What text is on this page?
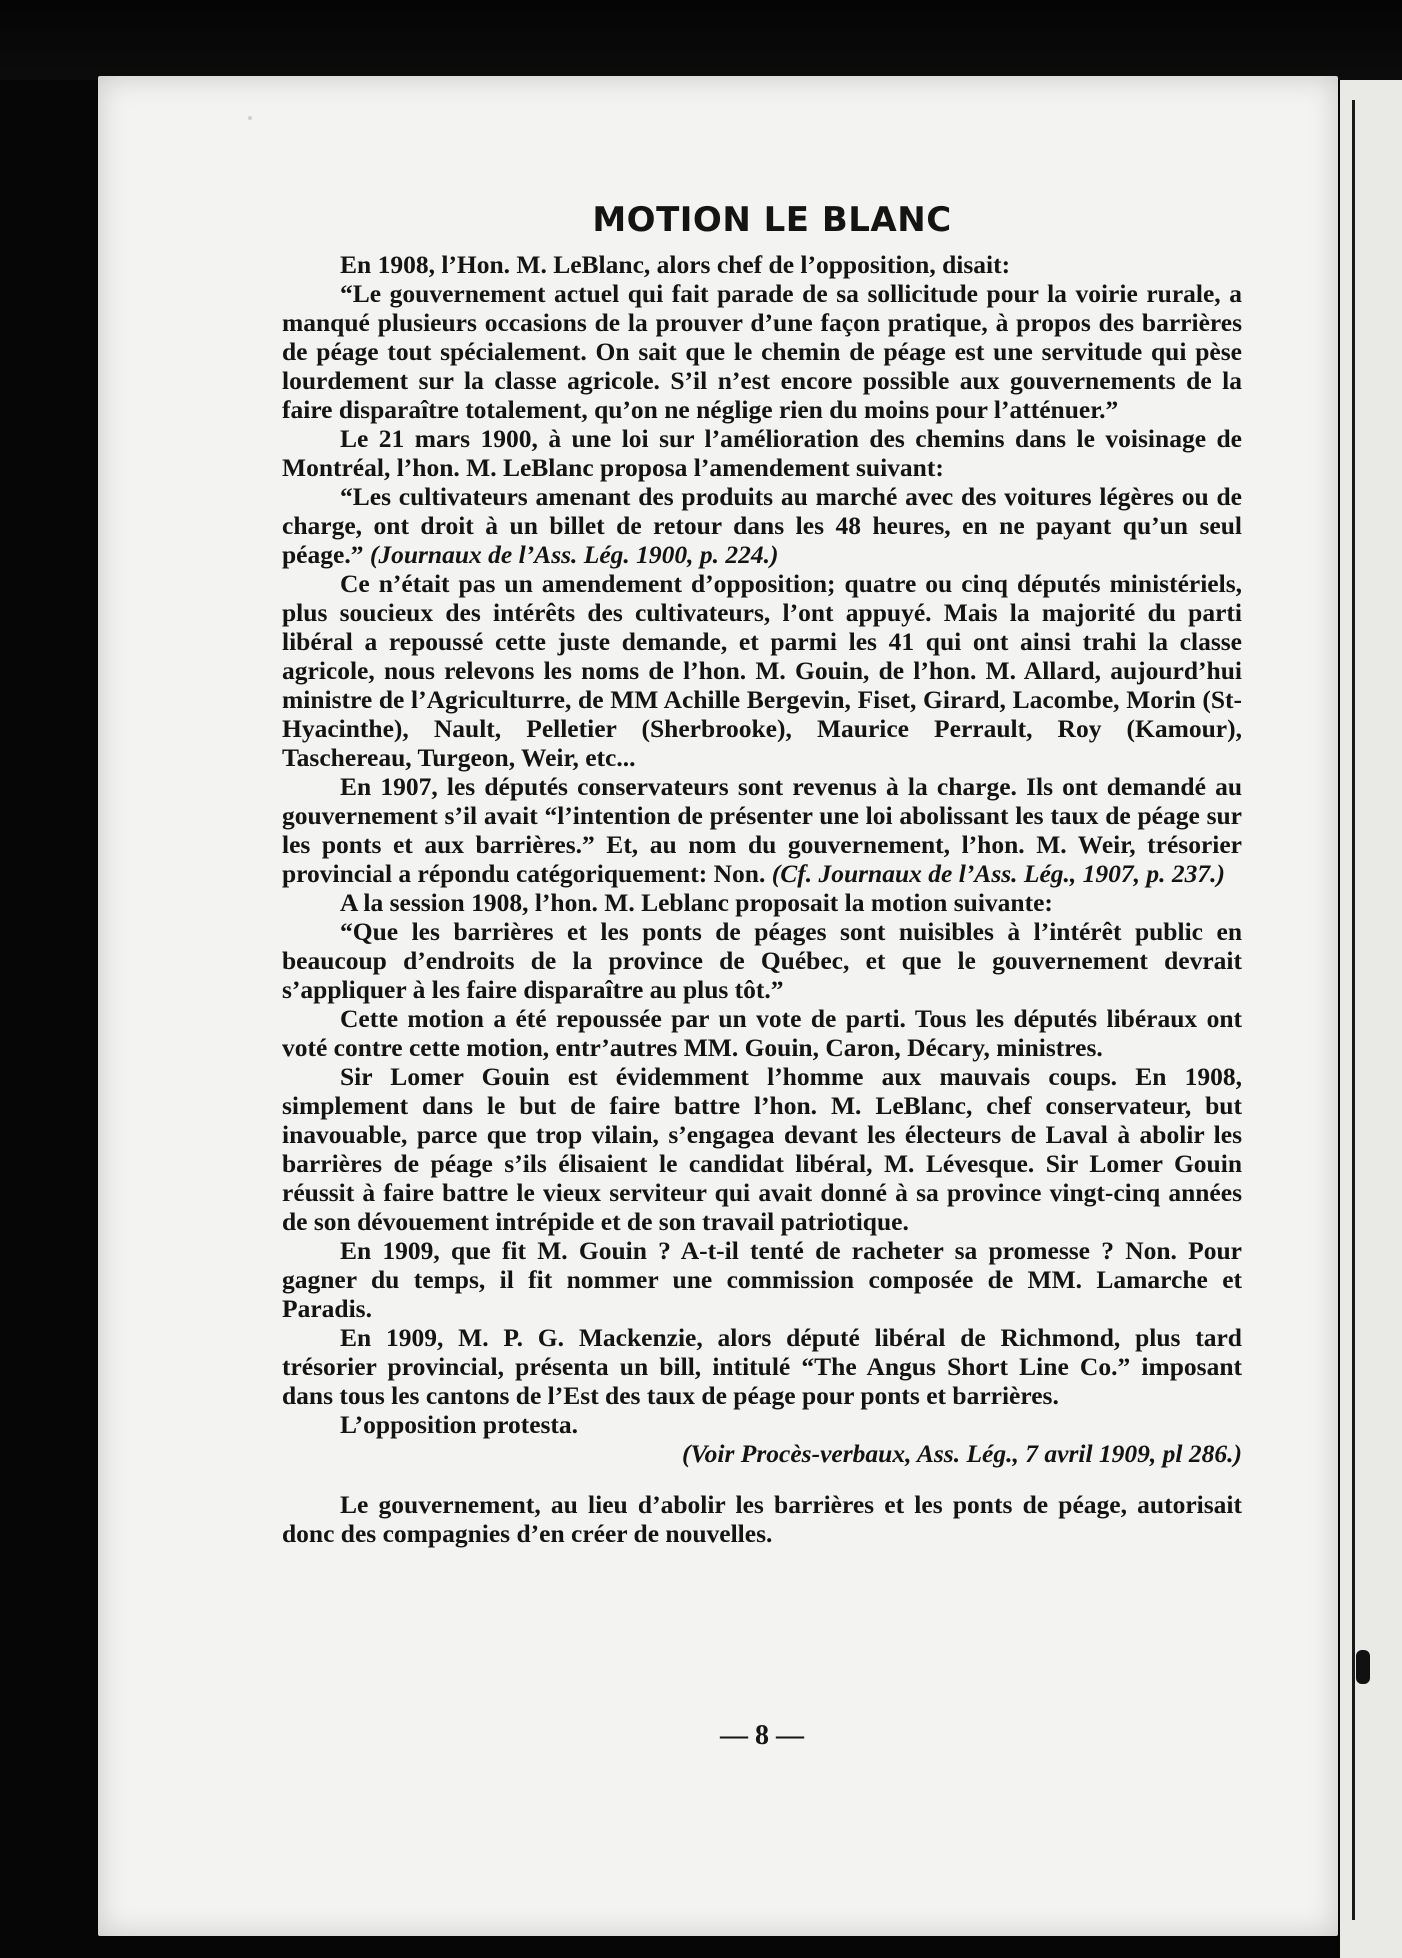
MOTION LE BLANC

En 1908, l’Hon. M. LeBlanc, alors chef de l’opposition, disait:

“Le gouvernement actuel qui fait parade de sa sollicitude pour la voirie rurale, a manqué plusieurs occasions de la prouver d’une façon pratique, à propos des barrières de péage tout spécialement. On sait que le chemin de péage est une servitude qui pèse lourdement sur la classe agricole. S’il n’est encore possible aux gouvernements de la faire disparaître totalement, qu’on ne néglige rien du moins pour l’atténuer.”

Le 21 mars 1900, à une loi sur l’amélioration des chemins dans le voisinage de Montréal, l’hon. M. LeBlanc proposa l’amendement suivant:

“Les cultivateurs amenant des produits au marché avec des voitures légères ou de charge, ont droit à un billet de retour dans les 48 heures, en ne payant qu’un seul péage.” (Journaux de l’Ass. Lég. 1900, p. 224.)

Ce n’était pas un amendement d’opposition; quatre ou cinq députés ministériels, plus soucieux des intérêts des cultivateurs, l’ont appuyé. Mais la majorité du parti libéral a repoussé cette juste demande, et parmi les 41 qui ont ainsi trahi la classe agricole, nous relevons les noms de l’hon. M. Gouin, de l’hon. M. Allard, aujourd’hui ministre de l’Agriculturre, de MM Achille Bergevin, Fiset, Girard, Lacombe, Morin (St-Hyacinthe), Nault, Pelletier (Sherbrooke), Maurice Perrault, Roy (Kamour), Taschereau, Turgeon, Weir, etc...

En 1907, les députés conservateurs sont revenus à la charge. Ils ont demandé au gouvernement s’il avait “l’intention de présenter une loi abolissant les taux de péage sur les ponts et aux barrières.” Et, au nom du gouvernement, l’hon. M. Weir, trésorier provincial a répondu catégoriquement: Non. (Cf. Journaux de l’Ass. Lég., 1907, p. 237.)

A la session 1908, l’hon. M. Leblanc proposait la motion suivante:

“Que les barrières et les ponts de péages sont nuisibles à l’intérêt public en beaucoup d’endroits de la province de Québec, et que le gouvernement devrait s’appliquer à les faire disparaître au plus tôt.”

Cette motion a été repoussée par un vote de parti. Tous les députés libéraux ont voté contre cette motion, entr’autres MM. Gouin, Caron, Décary, ministres.

Sir Lomer Gouin est évidemment l’homme aux mauvais coups. En 1908, simplement dans le but de faire battre l’hon. M. LeBlanc, chef conservateur, but inavouable, parce que trop vilain, s’engagea devant les électeurs de Laval à abolir les barrières de péage s’ils élisaient le candidat libéral, M. Lévesque. Sir Lomer Gouin réussit à faire battre le vieux serviteur qui avait donné à sa province vingt-cinq années de son dévouement intrépide et de son travail patriotique.

En 1909, que fit M. Gouin ? A-t-il tenté de racheter sa promesse ? Non. Pour gagner du temps, il fit nommer une commission composée de MM. Lamarche et Paradis.

En 1909, M. P. G. Mackenzie, alors député libéral de Richmond, plus tard trésorier provincial, présenta un bill, intitulé “The Angus Short Line Co.” imposant dans tous les cantons de l’Est des taux de péage pour ponts et barrières.

L’opposition protesta.

(Voir Procès-verbaux, Ass. Lég., 7 avril 1909, pl 286.)

Le gouvernement, au lieu d’abolir les barrières et les ponts de péage, autorisait donc des compagnies d’en créer de nouvelles.

— 8 —
